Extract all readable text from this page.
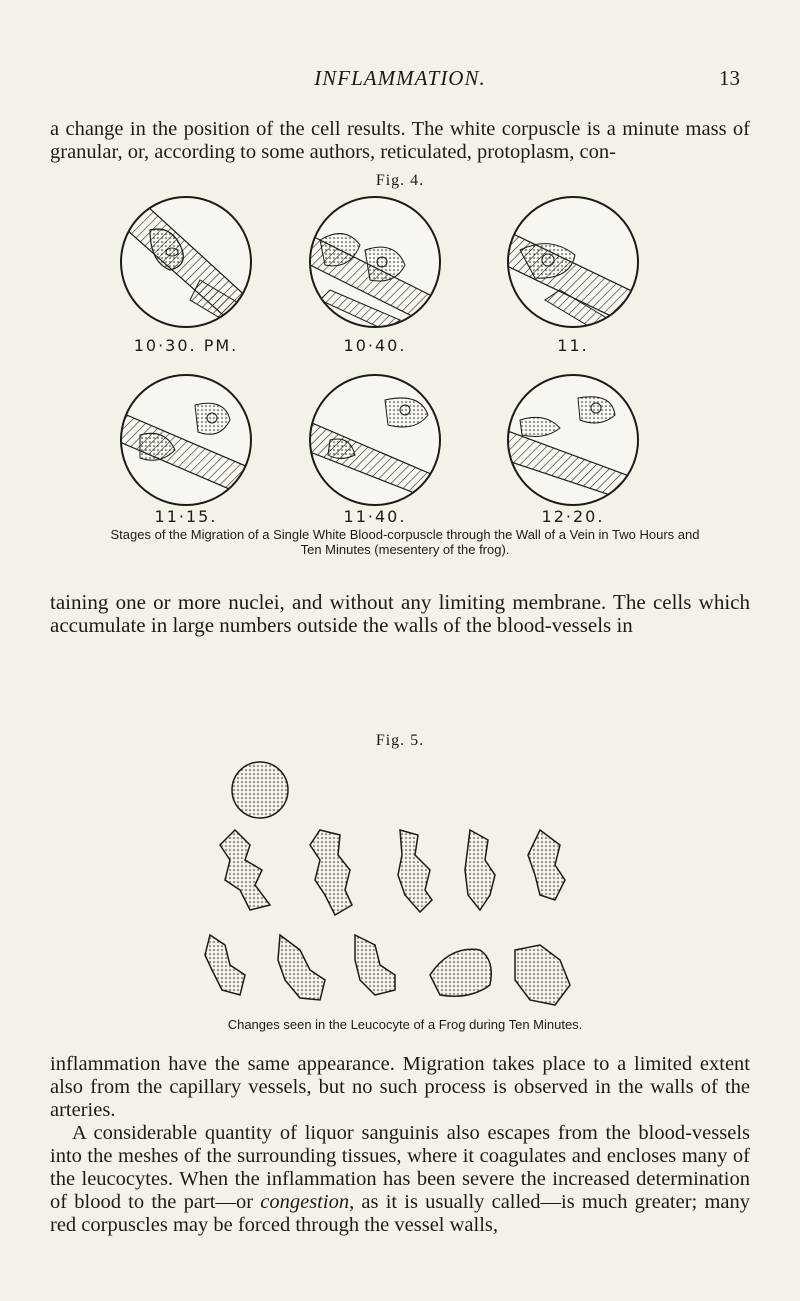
INFLAMMATION.	13

a change in the position of the cell results. The white corpuscle is a minute mass of granular, or, according to some authors, reticulated, protoplasm, con-

Fig. 4.
10·30. PM.	10·40.	11.
11·15.	11·40.	12·20.
Stages of the Migration of a Single White Blood-corpuscle through the Wall of a Vein in Two Hours and
Ten Minutes (mesentery of the frog).

taining one or more nuclei, and without any limiting membrane. The cells which accumulate in large numbers outside the walls of the blood-vessels in

Fig. 5.
Changes seen in the Leucocyte of a Frog during Ten Minutes.

inflammation have the same appearance. Migration takes place to a limited extent also from the capillary vessels, but no such process is observed in the walls of the arteries.

A considerable quantity of liquor sanguinis also escapes from the blood-vessels into the meshes of the surrounding tissues, where it coagulates and encloses many of the leucocytes. When the inflammation has been severe the increased determination of blood to the part—or congestion, as it is usually called—is much greater; many red corpuscles may be forced through the vessel walls,
